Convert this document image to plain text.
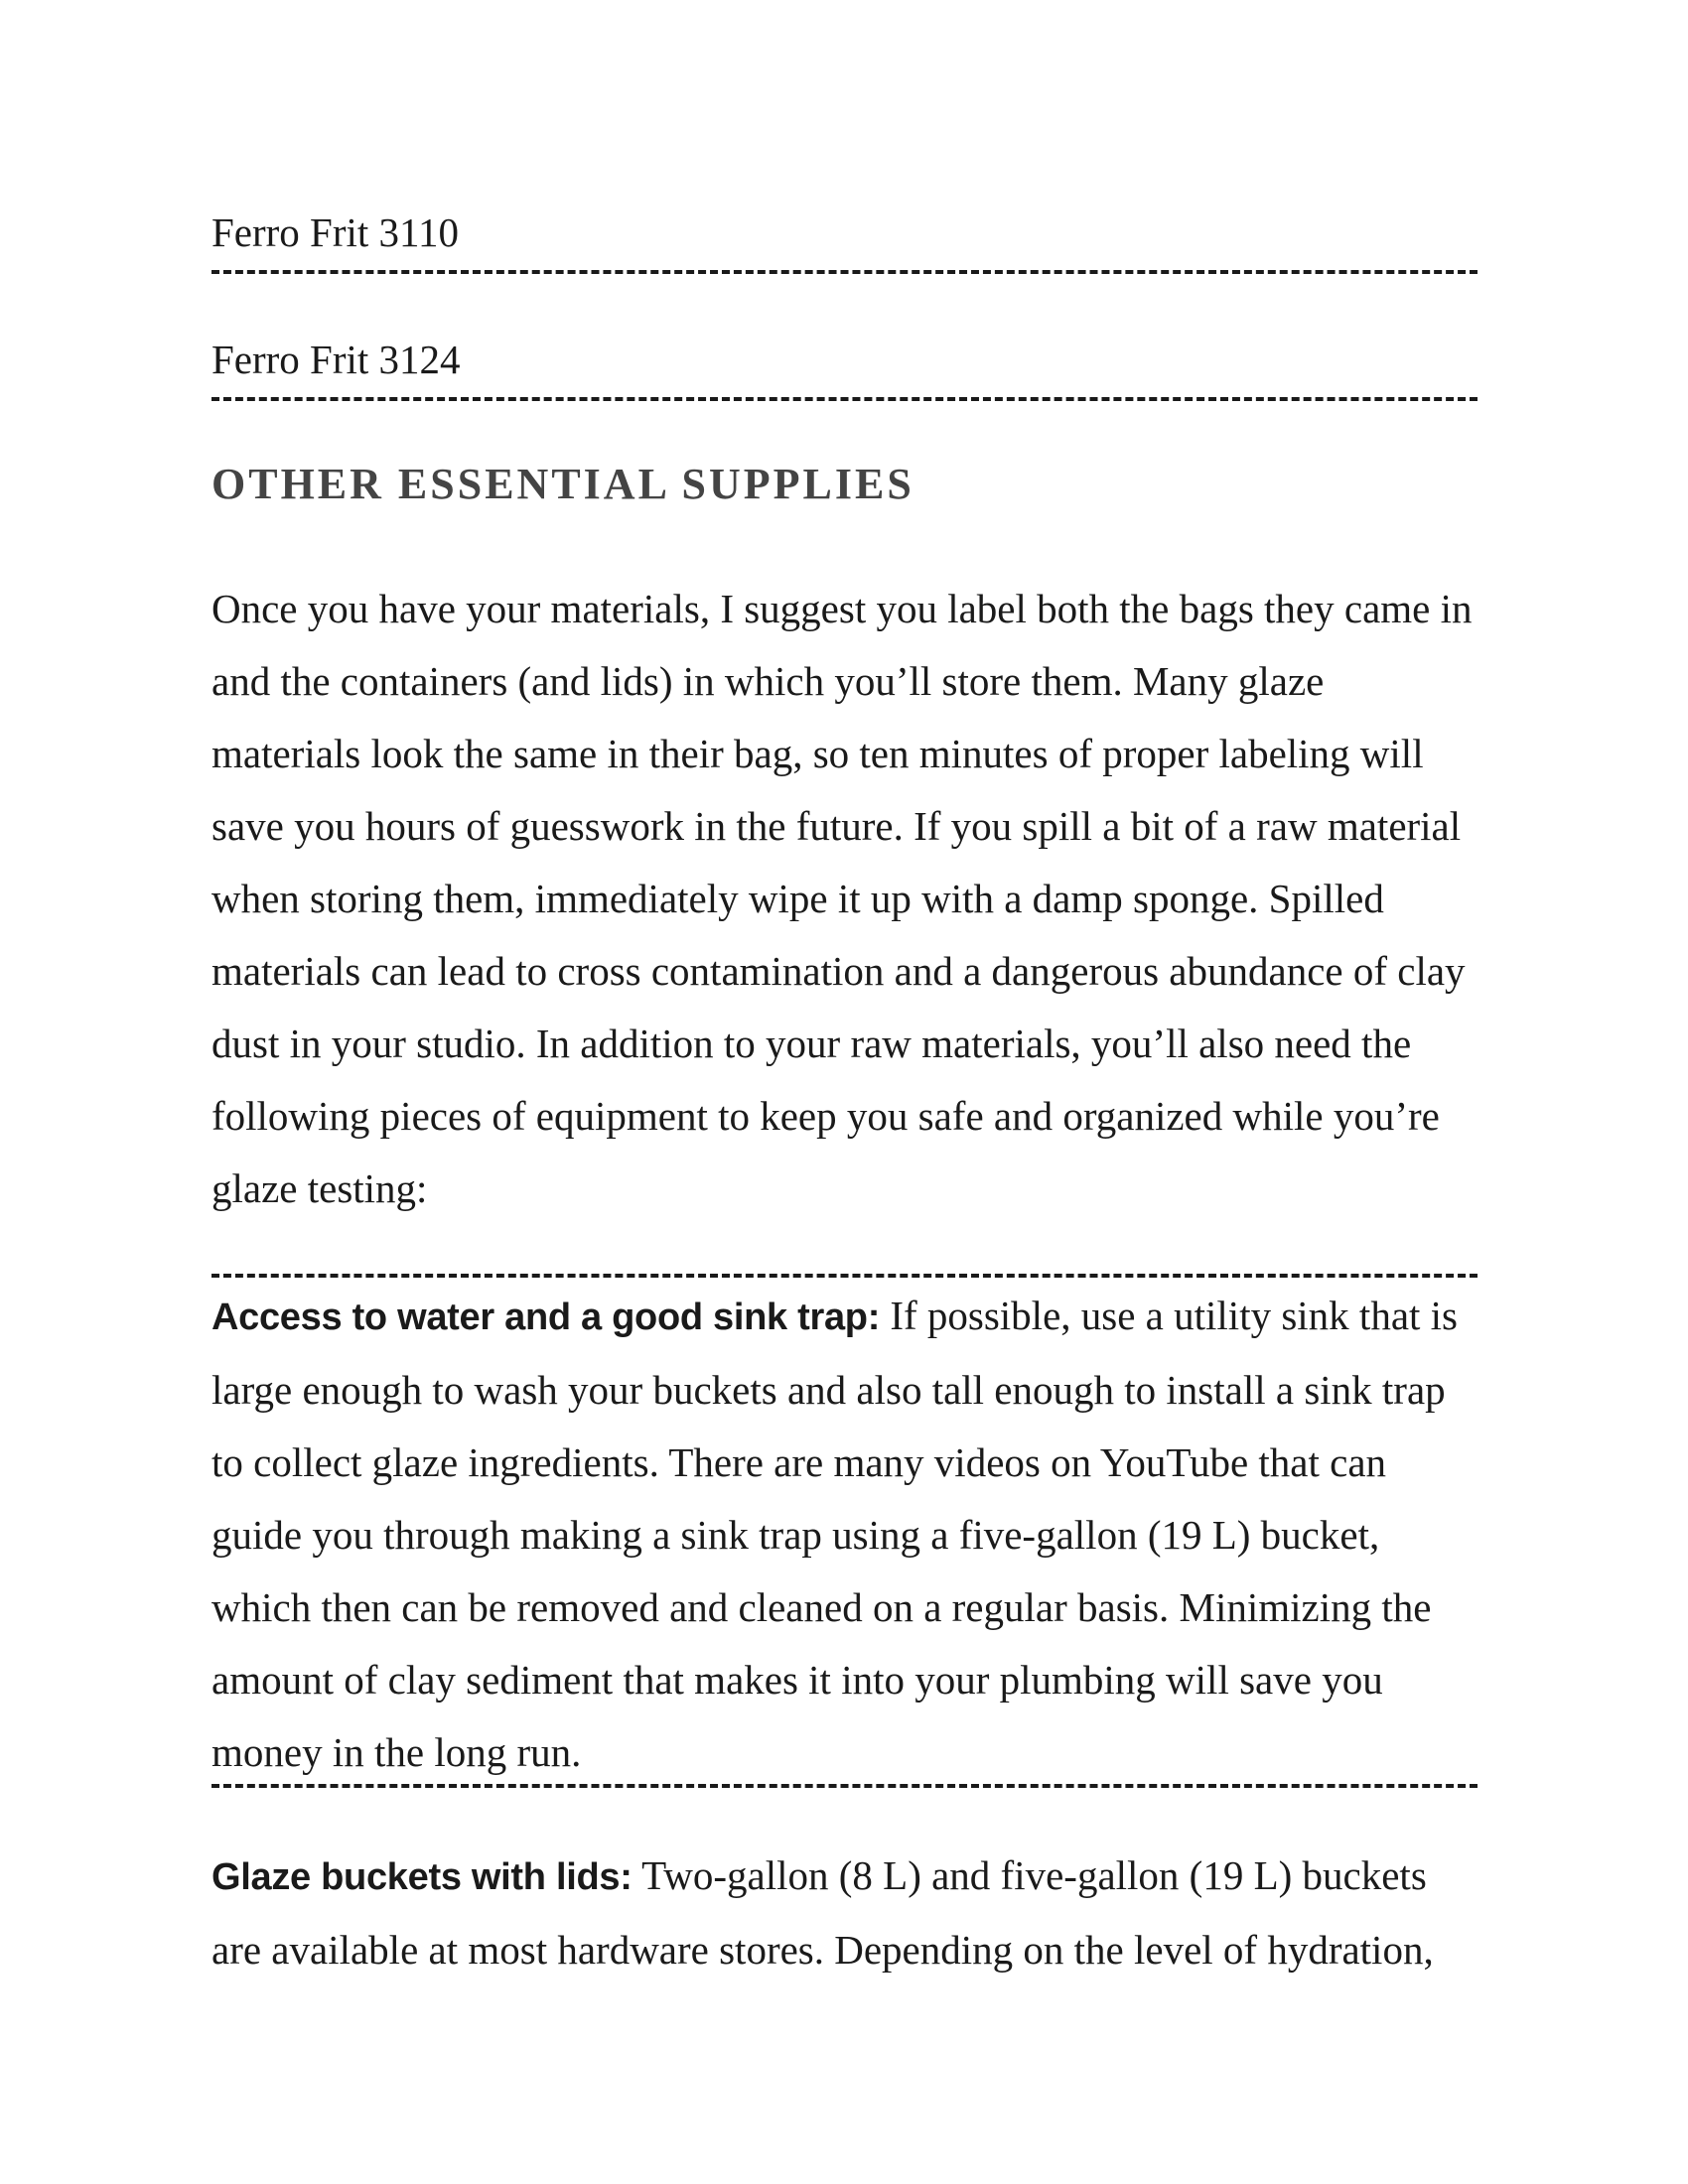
Ferro Frit 3110
Ferro Frit 3124
OTHER ESSENTIAL SUPPLIES

Once you have your materials, I suggest you label both the bags they came in and the containers (and lids) in which you’ll store them. Many glaze materials look the same in their bag, so ten minutes of proper labeling will save you hours of guesswork in the future. If you spill a bit of a raw material when storing them, immediately wipe it up with a damp sponge. Spilled materials can lead to cross contamination and a dangerous abundance of clay dust in your studio. In addition to your raw materials, you’ll also need the following pieces of equipment to keep you safe and organized while you’re glaze testing:

Access to water and a good sink trap: If possible, use a utility sink that is large enough to wash your buckets and also tall enough to install a sink trap to collect glaze ingredients. There are many videos on YouTube that can guide you through making a sink trap using a five-gallon (19 L) bucket, which then can be removed and cleaned on a regular basis. Minimizing the amount of clay sediment that makes it into your plumbing will save you money in the long run.

Glaze buckets with lids: Two-gallon (8 L) and five-gallon (19 L) buckets are available at most hardware stores. Depending on the level of hydration,
